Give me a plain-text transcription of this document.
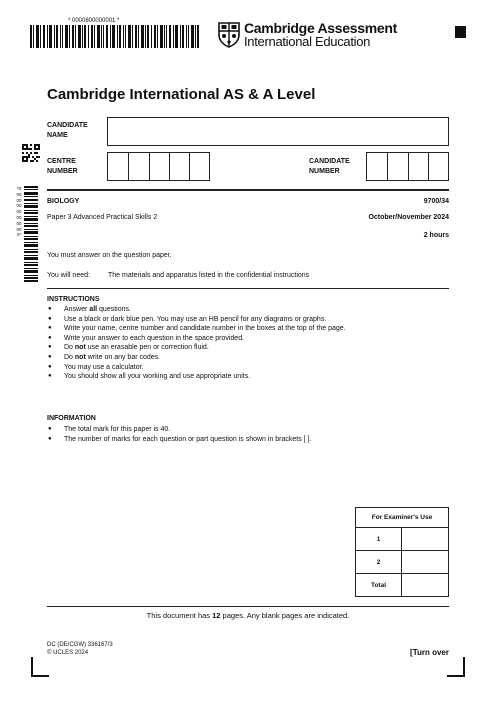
* 0000800000001 *	Cambridge Assessment
International Education
Cambridge International AS & A Level
CANDIDATE NAME
CENTRE NUMBER
CANDIDATE NUMBER
*0000000000000000*
BIOLOGY	9700/34
Paper 3 Advanced Practical Skills 2	October/November 2024
2 hours
You must answer on the question paper.
You will need:	The materials and apparatus listed in the confidential instructions
INSTRUCTIONS
● Answer all questions.
● Use a black or dark blue pen. You may use an HB pencil for any diagrams or graphs.
● Write your name, centre number and candidate number in the boxes at the top of the page.
● Write your answer to each question in the space provided.
● Do not use an erasable pen or correction fluid.
● Do not write on any bar codes.
● You may use a calculator.
● You should show all your working and use appropriate units.
INFORMATION
● The total mark for this paper is 40.
● The number of marks for each question or part question is shown in brackets [ ].
For Examiner's Use	
1	
2	
Total	
This document has 12 pages. Any blank pages are indicated.
DC (DE/CGW) 336167/3
© UCLES 2024	[Turn over
